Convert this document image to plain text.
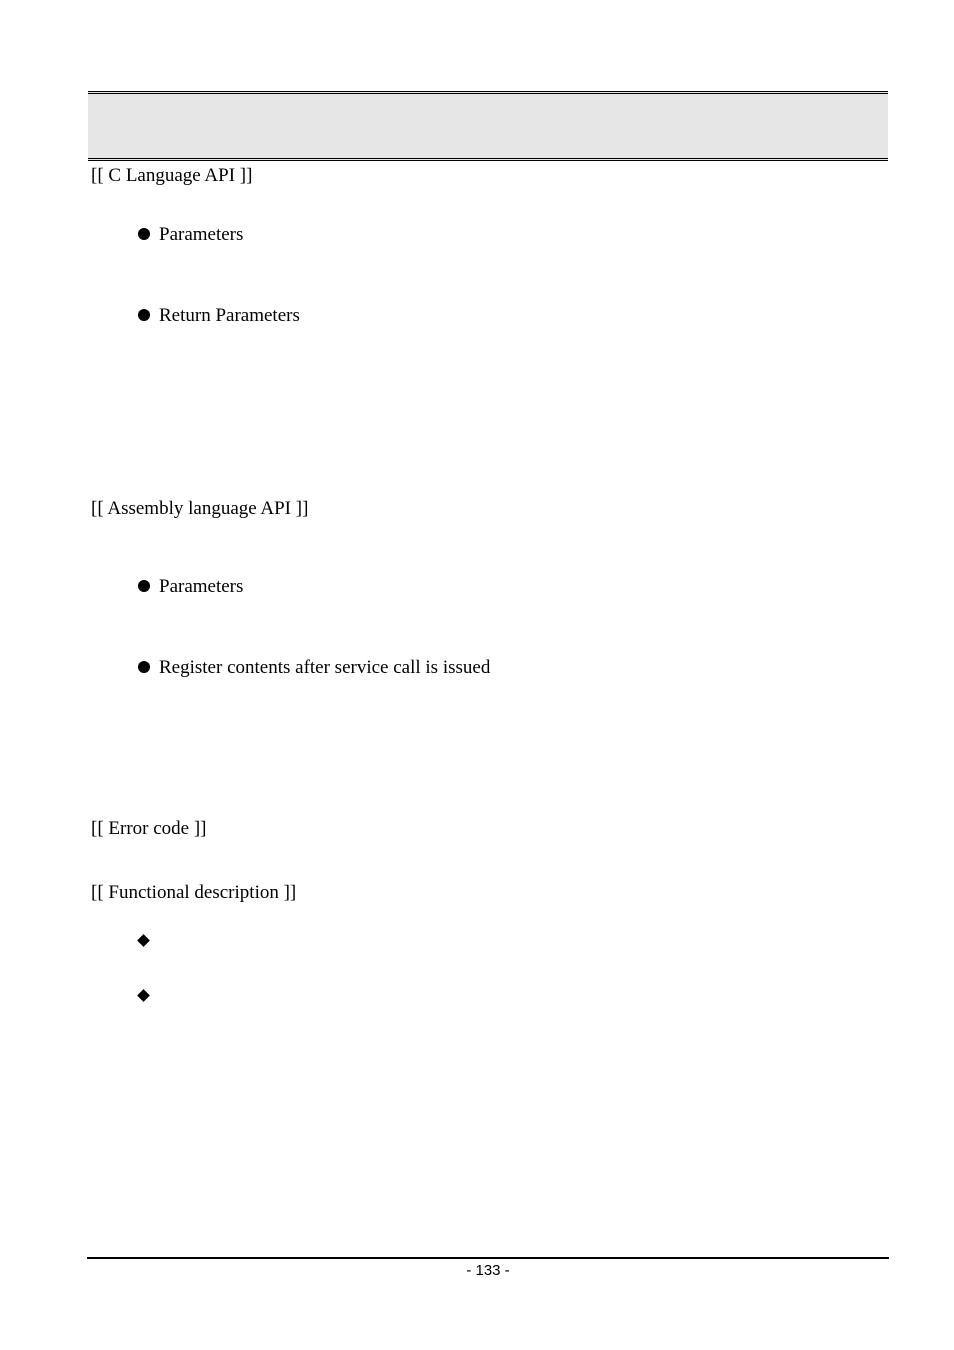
[[ C Language API ]]
Parameters
Return Parameters
[[ Assembly language API ]]
Parameters
Register contents after service call is issued
[[ Error code ]]
[[ Functional description ]]
- 133 -
